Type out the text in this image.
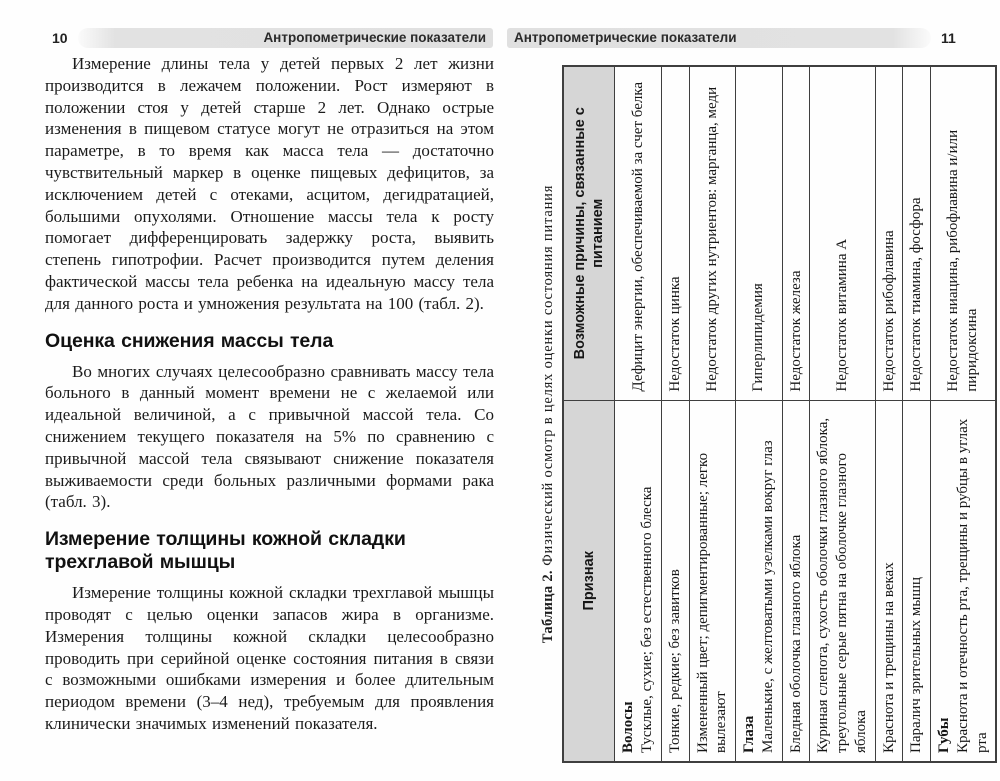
10	Антропометрические показатели

Измерение длины тела у детей первых 2 лет жизни производится в лежачем положении. Рост измеряют в положении стоя у детей старше 2 лет. Однако острые изменения в пищевом статусе могут не отразиться на этом параметре, в то время как масса тела — достаточно чувствительный маркер в оценке пищевых дефицитов, за исключением детей с отеками, асцитом, дегидратацией, большими опухолями. Отношение массы тела к росту помогает дифференцировать задержку роста, выявить степень гипотрофии. Расчет производится путем деления фактической массы тела ребенка на идеальную массу тела для данного роста и умножения результата на 100 (табл. 2).

Оценка снижения массы тела

Во многих случаях целесообразно сравнивать массу тела больного в данный момент времени не с желаемой или идеальной величиной, а с привычной массой тела. Со снижением текущего показателя на 5% по сравнению с привычной массой тела связывают снижение показателя выживаемости среди больных различными формами рака (табл. 3).

Измерение толщины кожной складки трехглавой мышцы

Измерение толщины кожной складки трехглавой мышцы проводят с целью оценки запасов жира в организме. Измерения толщины кожной складки целесообразно проводить при серийной оценке состояния питания в связи с возможными ошибками измерения и более длительным периодом времени (3–4 нед), требуемым для проявления клинически значимых изменений показателя.

Антропометрические показатели	11
Таблица 2. Физический осмотр в целях оценки состояния питания
Признак	Возможные причины, связанные с питанием
Волосы Тусклые, сухие; без естественного блеска	Дефицит энергии, обеспечиваемой за счет белка
Тонкие, редкие; без завитков	Недостаток цинка
Измененный цвет; депигментированные; легко вылезают	Недостаток других нутриентов: марганца, меди
Глаза Маленькие, с желтоватыми узелками вокруг глаз	Гиперлипидемия
Бледная оболочка глазного яблока	Недостаток железа
Куриная слепота, сухость оболочки глазного яблока, треугольные серые пятна на оболочке глазного яблока	Недостаток витамина А
Краснота и трещины на веках	Недостаток рибофлавина
Паралич зрительных мышц	Недостаток тиамина, фосфора
Губы Краснота и отечность рта, трещины и рубцы в углах рта	Недостаток ниацина, рибофлавина и/или пиридоксина
